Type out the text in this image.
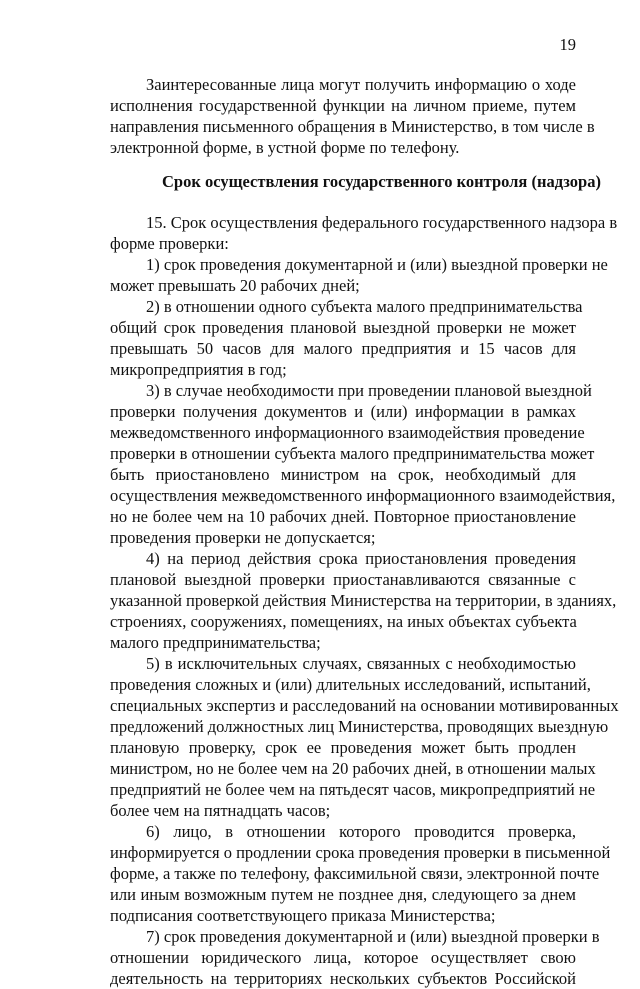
19
Заинтересованные лица могут получить информацию о ходе
исполнения государственной функции на личном приеме, путем
направления письменного обращения в Министерство, в том числе в
электронной форме, в устной форме по телефону.
Срок осуществления государственного контроля (надзора)
15. Срок осуществления федерального государственного надзора в
форме проверки:
1) срок проведения документарной и (или) выездной проверки не
может превышать 20 рабочих дней;
2) в отношении одного субъекта малого предпринимательства
общий срок проведения плановой выездной проверки не может
превышать 50 часов для малого предприятия и 15 часов для
микропредприятия в год;
3) в случае необходимости при проведении плановой выездной
проверки получения документов и (или) информации в рамках
межведомственного информационного взаимодействия проведение
проверки в отношении субъекта малого предпринимательства может
быть приостановлено министром на срок, необходимый для
осуществления межведомственного информационного взаимодействия,
но не более чем на 10 рабочих дней. Повторное приостановление
проведения проверки не допускается;
4) на период действия срока приостановления проведения
плановой выездной проверки приостанавливаются связанные с
указанной проверкой действия Министерства на территории, в зданиях,
строениях, сооружениях, помещениях, на иных объектах субъекта
малого предпринимательства;
5) в исключительных случаях, связанных с необходимостью
проведения сложных и (или) длительных исследований, испытаний,
специальных экспертиз и расследований на основании мотивированных
предложений должностных лиц Министерства, проводящих выездную
плановую проверку, срок ее проведения может быть продлен
министром, но не более чем на 20 рабочих дней, в отношении малых
предприятий не более чем на пятьдесят часов, микропредприятий не
более чем на пятнадцать часов;
6) лицо, в отношении которого проводится проверка,
информируется о продлении срока проведения проверки в письменной
форме, а также по телефону, факсимильной связи, электронной почте
или иным возможным путем не позднее дня, следующего за днем
подписания соответствующего приказа Министерства;
7) срок проведения документарной и (или) выездной проверки в
отношении юридического лица, которое осуществляет свою
деятельность на территориях нескольких субъектов Российской
